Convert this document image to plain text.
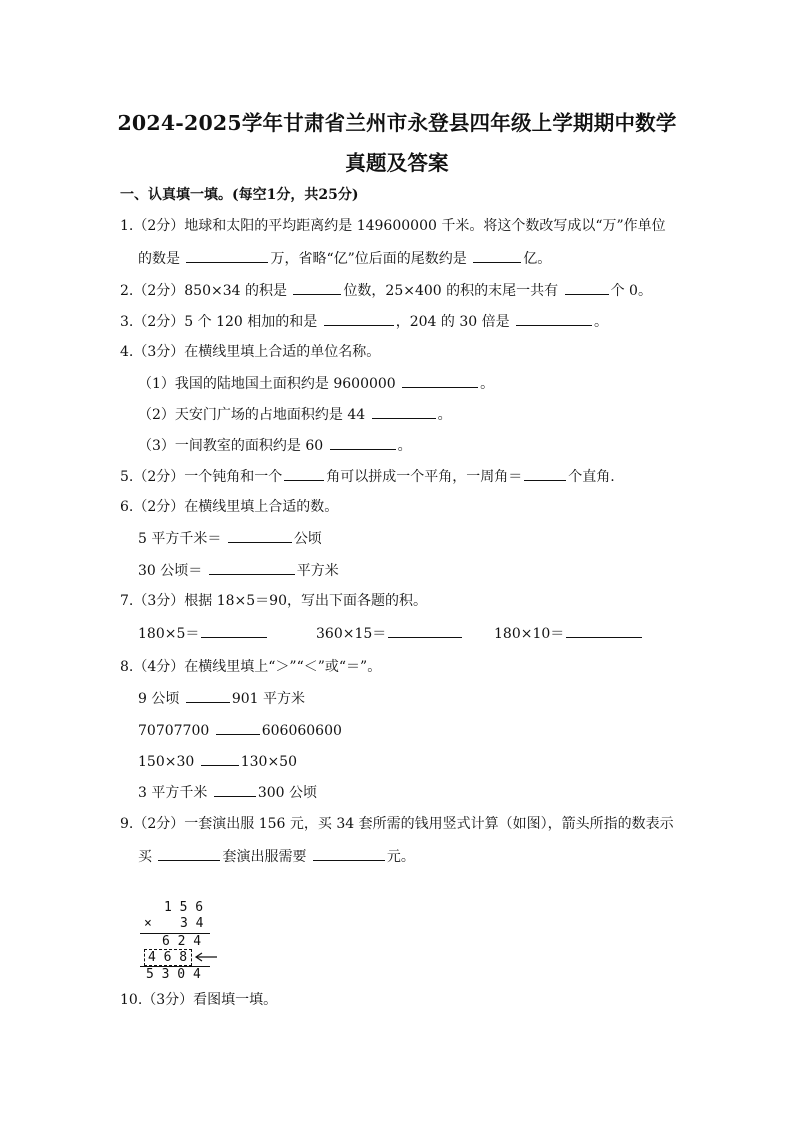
2024-2025学年甘肃省兰州市永登县四年级上学期期中数学
真题及答案
一、认真填一填。(每空1分，共25分)
1.（2分）地球和太阳的平均距离约是 149600000 千米。将这个数改写成以“万”作单位
的数是	万，省略“亿”位后面的尾数约是	亿。
2.（2分）850×34 的积是	位数，25×400 的积的末尾一共有	个 0。
3.（2分）5 个 120 相加的和是	，204 的 30 倍是	。
4.（3分）在横线里填上合适的单位名称。
（1）我国的陆地国土面积约是 9600000	。
（2）天安门广场的占地面积约是 44	。
（3）一间教室的面积约是 60	。
5.（2分）一个钝角和一个	角可以拼成一个平角，一周角＝	个直角.
6.（2分）在横线里填上合适的数。
5 平方千米＝	公顷
30 公顷＝	平方米
7.（3分）根据 18×5＝90，写出下面各题的积。
180×5＝	360×15＝	180×10＝
8.（4分）在横线里填上“＞”“＜”或“＝”。
9 公顷	901 平方米
70707700	606060600
150×30	130×50
3 平方千米	300 公顷
9.（2分）一套演出服 156 元，买 34 套所需的钱用竖式计算（如图），箭头所指的数表示
买	套演出服需要	元。
1 5 6
× 3 4
6 2 4
4 6 8
5 3 0 4
10.（3分）看图填一填。
